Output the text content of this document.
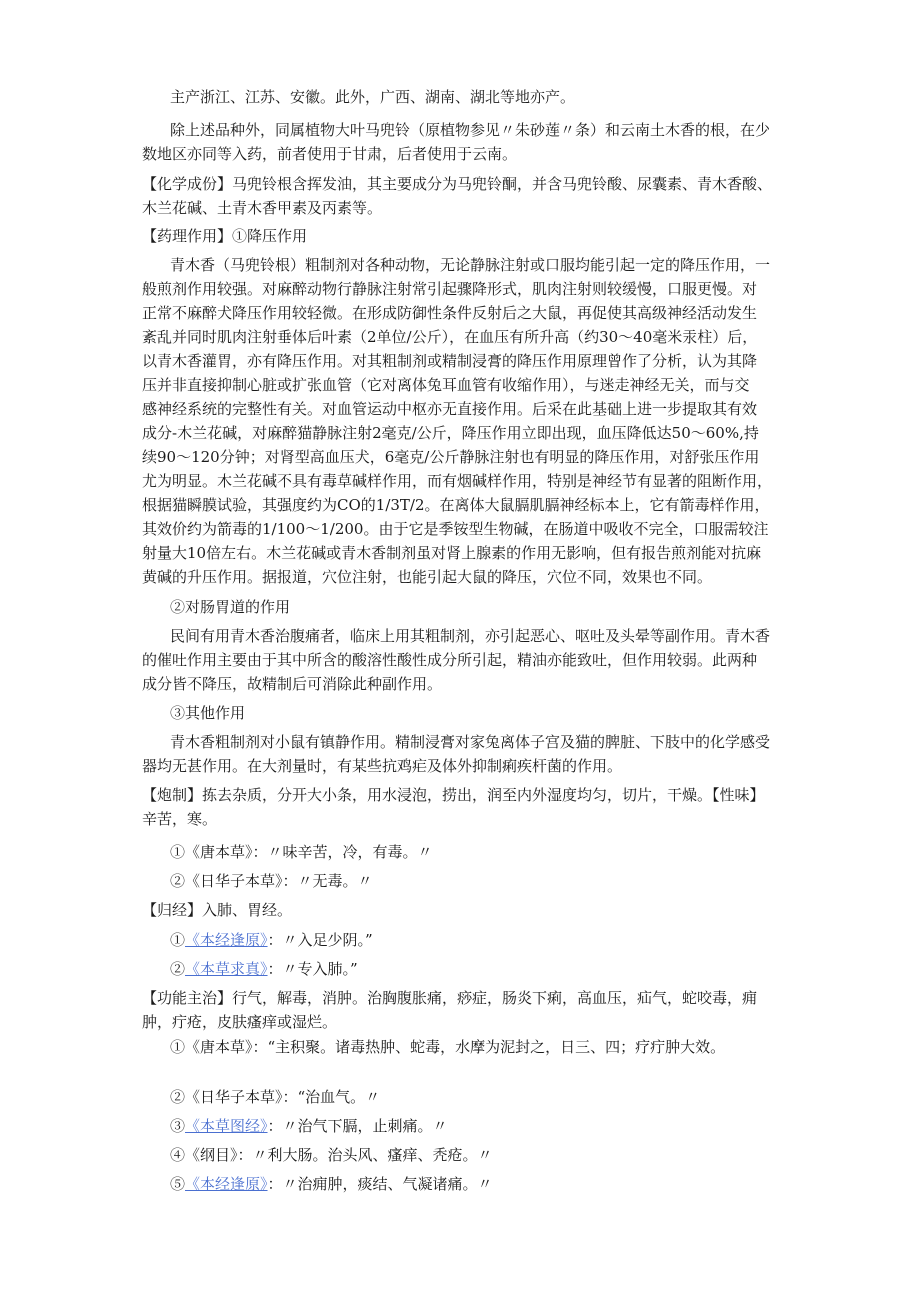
主产浙江、江苏、安徽。此外，广西、湖南、湖北等地亦产。
除上述品种外，同属植物大叶马兜铃（原植物参见〃朱砂莲〃条）和云南土木香的根，在少
数地区亦同等入药，前者使用于甘肃，后者使用于云南。
【化学成份】马兜铃根含挥发油，其主要成分为马兜铃酮，并含马兜铃酸、尿囊素、青木香酸、
木兰花碱、土青木香甲素及丙素等。
【药理作用】①降压作用
青木香（马兜铃根）粗制剂对各种动物，无论静脉注射或口服均能引起一定的降压作用，一
般煎剂作用较强。对麻醉动物行静脉注射常引起骤降形式，肌肉注射则较缓慢，口服更慢。对
正常不麻醉犬降压作用较轻微。在形成防御性条件反射后之大鼠，再促使其高级神经活动发生
紊乱并同时肌肉注射垂体后叶素（2单位/公斤），在血压有所升高（约30～40毫米汞柱）后，
以青木香灌胃，亦有降压作用。对其粗制剂或精制浸膏的降压作用原理曾作了分析，认为其降
压并非直接抑制心脏或扩张血管（它对离体兔耳血管有收缩作用），与迷走神经无关，而与交
感神经系统的完整性有关。对血管运动中枢亦无直接作用。后采在此基础上进一步提取其有效
成分-木兰花碱，对麻醉猫静脉注射2毫克/公斤，降压作用立即出现，血压降低达50～60%,持
续90～120分钟；对肾型高血压犬，6毫克/公斤静脉注射也有明显的降压作用，对舒张压作用
尤为明显。木兰花碱不具有毒草碱样作用，而有烟碱样作用，特别是神经节有显著的阻断作用，
根据猫瞬膜试验，其强度约为CO的1/3T/2。在离体大鼠膈肌膈神经标本上，它有箭毒样作用，
其效价约为箭毒的1/100～1/200。由于它是季铵型生物碱，在肠道中吸收不完全，口服需较注
射量大10倍左右。木兰花碱或青木香制剂虽对肾上腺素的作用无影响，但有报告煎剂能对抗麻
黄碱的升压作用。据报道，穴位注射，也能引起大鼠的降压，穴位不同，效果也不同。
②对肠胃道的作用
民间有用青木香治腹痛者，临床上用其粗制剂，亦引起恶心、呕吐及头晕等副作用。青木香
的催吐作用主要由于其中所含的酸溶性酸性成分所引起，精油亦能致吐，但作用较弱。此两种
成分皆不降压，故精制后可消除此种副作用。
③其他作用
青木香粗制剂对小鼠有镇静作用。精制浸膏对家兔离体子宫及猫的脾脏、下肢中的化学感受
器均无甚作用。在大剂量时，有某些抗鸡疟及体外抑制痢疾杆菌的作用。
【炮制】拣去杂质，分开大小条，用水浸泡，捞出，润至内外湿度均匀，切片，干燥。【性味】
辛苦，寒。
①《唐本草》：〃味辛苦，冷，有毒。〃
②《日华子本草》：〃无毒。〃
【归经】入肺、胃经。
①《本经逢原》：〃入足少阴。”
②《本草求真》：〃专入肺。”
【功能主治】行气，解毒，消肿。治胸腹胀痛，痧症，肠炎下痢，高血压，疝气，蛇咬毒，痈
肿，疔疮，皮肤瘙痒或湿烂。
①《唐本草》：“主积聚。诸毒热肿、蛇毒，水摩为泥封之，日三、四；疗疔肿大效。
②《日华子本草》：“治血气。〃
③《本草图经》：〃治气下膈，止刺痛。〃
④《纲目》：〃利大肠。治头风、瘙痒、秃疮。〃
⑤《本经逢原》：〃治痈肿，痰结、气凝诸痛。〃
